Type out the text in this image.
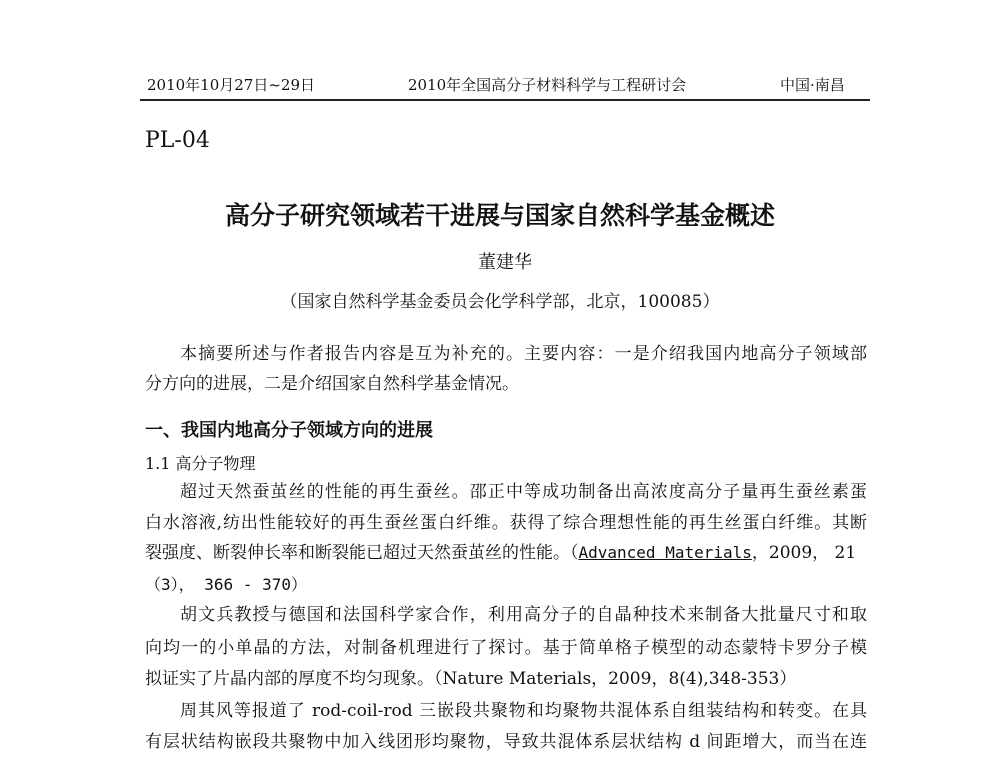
2010年10月27日~29日	2010年全国高分子材料科学与工程研讨会	中国·南昌
PL-04
高分子研究领域若干进展与国家自然科学基金概述
董建华
（国家自然科学基金委员会化学科学部，北京，100085）
本摘要所述与作者报告内容是互为补充的。主要内容：一是介绍我国内地高分子领域部
分方向的进展，二是介绍国家自然科学基金情况。
一、我国内地高分子领域方向的进展
1.1 高分子物理
超过天然蚕茧丝的性能的再生蚕丝。邵正中等成功制备出高浓度高分子量再生蚕丝素蛋
白水溶液,纺出性能较好的再生蚕丝蛋白纤维。获得了综合理想性能的再生丝蛋白纤维。其断
裂强度、断裂伸长率和断裂能已超过天然蚕茧丝的性能。（Advanced Materials，2009， 21
（3）， 366 - 370）
胡文兵教授与德国和法国科学家合作，利用高分子的自晶种技术来制备大批量尺寸和取
向均一的小单晶的方法，对制备机理进行了探讨。基于简单格子模型的动态蒙特卡罗分子模
拟证实了片晶内部的厚度不均匀现象。（Nature Materials，2009，8(4),348-353）
周其风等报道了 rod-coil-rod 三嵌段共聚物和均聚物共混体系自组装结构和转变。在具
有层状结构嵌段共聚物中加入线团形均聚物，导致共混体系层状结构 d 间距增大，而当在连
